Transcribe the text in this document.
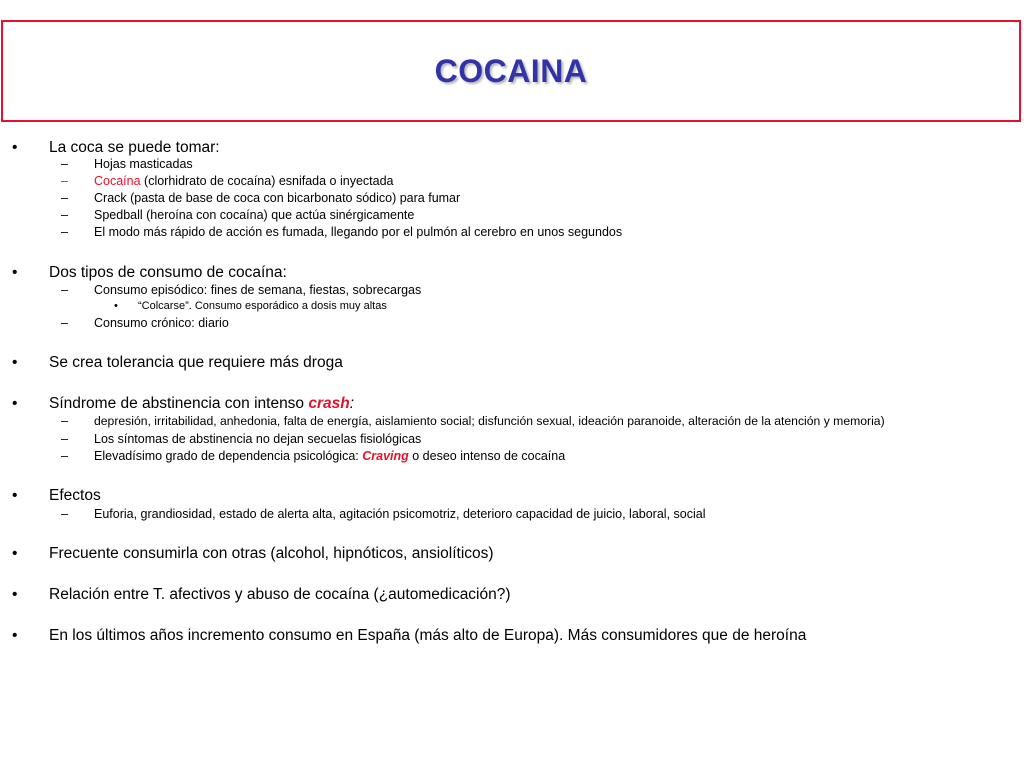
COCAINA
• La coca se puede tomar:
– Hojas masticadas
– Cocaína (clorhidrato de cocaína) esnifada o inyectada
– Crack (pasta de base de coca con bicarbonato sódico) para fumar
– Spedball (heroína con cocaína) que actúa sinérgicamente
– El modo más rápido de acción es fumada, llegando por el pulmón al cerebro en unos segundos
• Dos tipos de consumo de cocaína:
– Consumo episódico: fines de semana, fiestas, sobrecargas
• “Colcarse”. Consumo esporádico a dosis muy altas
– Consumo crónico: diario
• Se crea tolerancia que requiere más droga
• Síndrome de abstinencia con intenso crash:
– depresión, irritabilidad, anhedonia, falta de energía, aislamiento social; disfunción sexual, ideación paranoide, alteración de la atención y memoria)
– Los síntomas de abstinencia no dejan secuelas fisiológicas
– Elevadísimo grado de dependencia psicológica: Craving o deseo intenso de cocaína
• Efectos
– Euforia, grandiosidad, estado de alerta alta, agitación psicomotriz, deterioro capacidad de juicio, laboral, social
• Frecuente consumirla con otras (alcohol, hipnóticos, ansiolíticos)
• Relación entre T. afectivos y abuso de cocaína (¿automedicación?)
• En los últimos años incremento consumo en España (más alto de Europa). Más consumidores que de heroína
